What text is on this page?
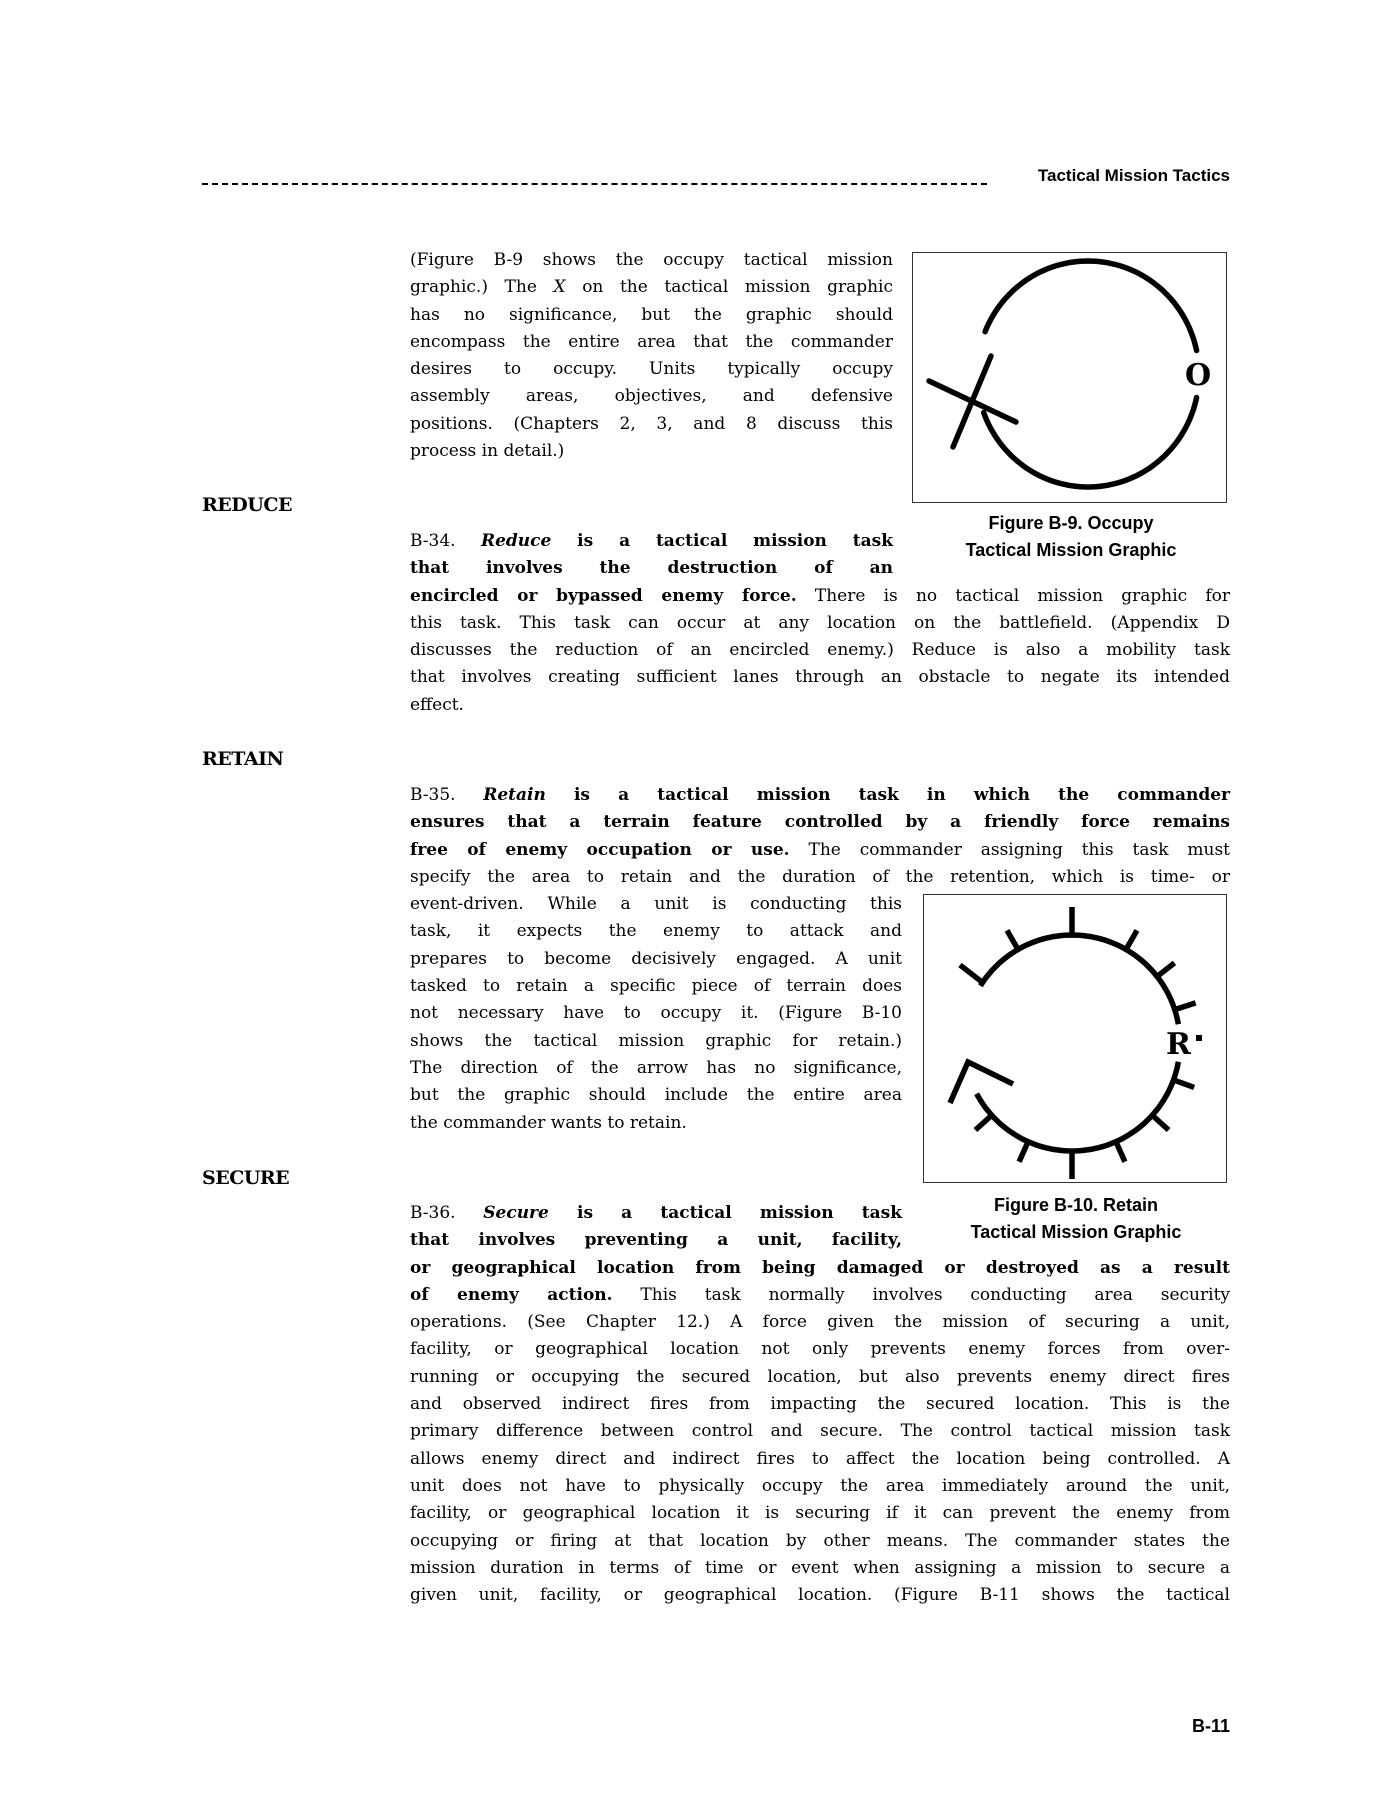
Tactical Mission Tactics
REDUCE
RETAIN
SECURE
(Figure B-9 shows the occupy tactical mission
graphic.) The X on the tactical mission graphic
has no significance, but the graphic should
encompass the entire area that the commander
desires to occupy. Units typically occupy
assembly areas, objectives, and defensive
positions. (Chapters 2, 3, and 8 discuss this
process in detail.)
B-34. Reduce is a tactical mission task
that involves the destruction of an
encircled or bypassed enemy force. There is no tactical mission graphic for
this task. This task can occur at any location on the battlefield. (Appendix D
discusses the reduction of an encircled enemy.) Reduce is also a mobility task
that involves creating sufficient lanes through an obstacle to negate its intended
effect.
B-35. Retain is a tactical mission task in which the commander
ensures that a terrain feature controlled by a friendly force remains
free of enemy occupation or use. The commander assigning this task must
specify the area to retain and the duration of the retention, which is time- or
event-driven. While a unit is conducting this
task, it expects the enemy to attack and
prepares to become decisively engaged. A unit
tasked to retain a specific piece of terrain does
not necessary have to occupy it. (Figure B-10
shows the tactical mission graphic for retain.)
The direction of the arrow has no significance,
but the graphic should include the entire area
the commander wants to retain.
B-36. Secure is a tactical mission task
that involves preventing a unit, facility,
or geographical location from being damaged or destroyed as a result
of enemy action. This task normally involves conducting area security
operations. (See Chapter 12.) A force given the mission of securing a unit,
facility, or geographical location not only prevents enemy forces from over-
running or occupying the secured location, but also prevents enemy direct fires
and observed indirect fires from impacting the secured location. This is the
primary difference between control and secure. The control tactical mission task
allows enemy direct and indirect fires to affect the location being controlled. A
unit does not have to physically occupy the area immediately around the unit,
facility, or geographical location it is securing if it can prevent the enemy from
occupying or firing at that location by other means. The commander states the
mission duration in terms of time or event when assigning a mission to secure a
given unit, facility, or geographical location. (Figure B-11 shows the tactical
O
Figure B-9. Occupy
Tactical Mission Graphic
R
Figure B-10. Retain
Tactical Mission Graphic
B-11
